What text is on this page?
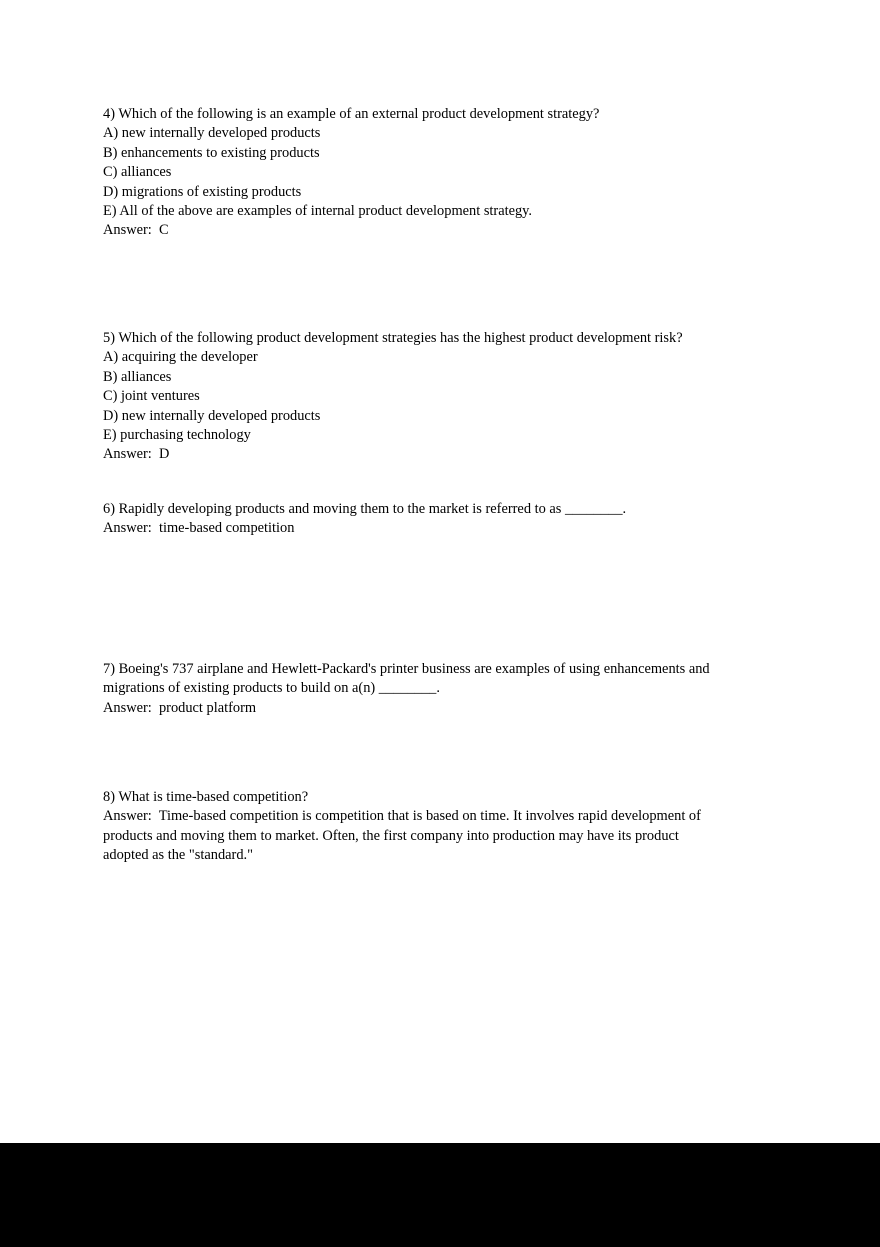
4) Which of the following is an example of an external product development strategy?
A) new internally developed products
B) enhancements to existing products
C) alliances
D) migrations of existing products
E) All of the above are examples of internal product development strategy.
Answer:  C
5) Which of the following product development strategies has the highest product development risk?
A) acquiring the developer
B) alliances
C) joint ventures
D) new internally developed products
E) purchasing technology
Answer:  D
6) Rapidly developing products and moving them to the market is referred to as ________.
Answer:  time-based competition
7) Boeing's 737 airplane and Hewlett-Packard's printer business are examples of using enhancements and
migrations of existing products to build on a(n) ________.
Answer:  product platform
8) What is time-based competition?
Answer:  Time-based competition is competition that is based on time. It involves rapid development of
products and moving them to market. Often, the first company into production may have its product
adopted as the "standard."
